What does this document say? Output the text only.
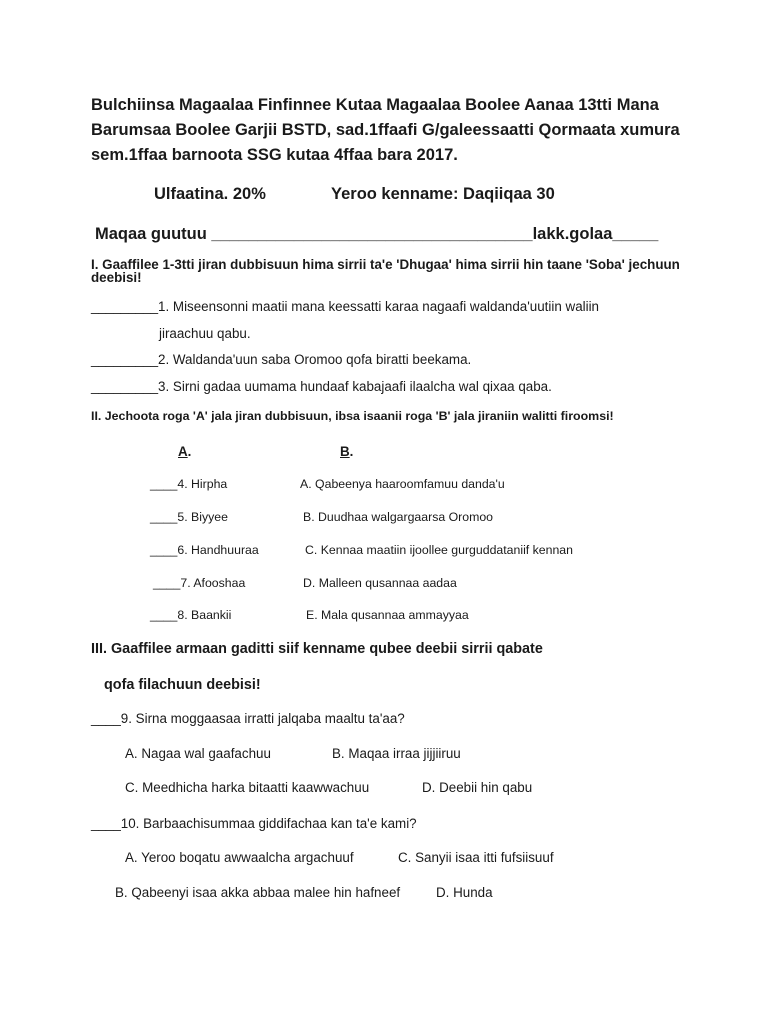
Bulchiinsa Magaalaa Finfinnee Kutaa Magaalaa Boolee Aanaa 13tti Mana
Barumsaa Boolee Garjii BSTD, sad.1ffaafi G/galeessaatti Qormaata xumura
sem.1ffaa barnoota SSG kutaa 4ffaa bara 2017.
Ulfaatina. 20%	Yeroo kenname: Daqiiqaa 30
Maqaa guutuu ___________________________________lakk.golaa_____
I. Gaaffilee 1-3tti jiran dubbisuun hima sirrii ta'e 'Dhugaa' hima sirrii hin taane 'Soba' jechuun
deebisi!
_________1. Miseensonni maatii mana keessatti karaa nagaafi waldanda'uutiin waliin
jiraachuu qabu.
_________2. Waldanda'uun saba Oromoo qofa biratti beekama.
_________3. Sirni gadaa uumama hundaaf kabajaafi ilaalcha wal qixaa qaba.
II. Jechoota roga 'A' jala jiran dubbisuun, ibsa isaanii roga 'B' jala jiraniin walitti firoomsi!
A.	B.
____4. Hirpha	A. Qabeenya haaroomfamuu danda'u
____5. Biyyee	B. Duudhaa walgargaarsa Oromoo
____6. Handhuuraa	C. Kennaa maatiin ijoollee gurguddataniif kennan
____7. Afooshaa	D. Malleen qusannaa aadaa
____8. Baankii	E. Mala qusannaa ammayyaa
III. Gaaffilee armaan gaditti siif kenname qubee deebii sirrii qabate
qofa filachuun deebisi!
____9. Sirna moggaasaa irratti jalqaba maaltu ta'aa?
A. Nagaa wal gaafachuu	B. Maqaa irraa jijjiiruu
C. Meedhicha harka bitaatti kaawwachuu	D. Deebii hin qabu
____10. Barbaachisummaa giddifachaa kan ta'e kami?
A. Yeroo boqatu awwaalcha argachuuf	C. Sanyii isaa itti fufsiisuuf
B. Qabeenyi isaa akka abbaa malee hin hafneef	D. Hunda
